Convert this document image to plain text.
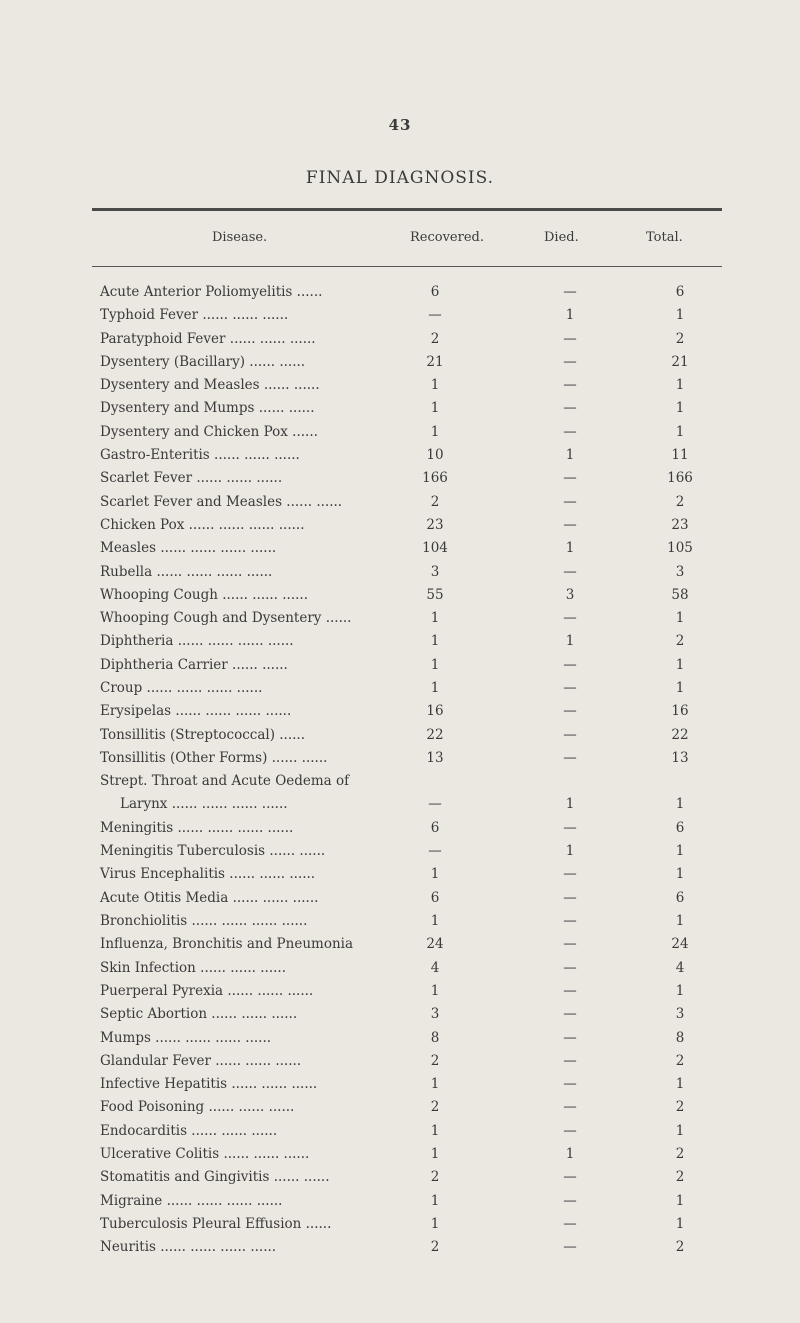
43
FINAL DIAGNOSIS.
Disease.	Recovered.	Died.	Total.
Acute Anterior Poliomyelitis ......	6	—	6
Typhoid Fever ...... ...... ......	—	1	1
Paratyphoid Fever ...... ...... ......	2	—	2
Dysentery (Bacillary) ...... ......	21	—	21
Dysentery and Measles ...... ......	1	—	1
Dysentery and Mumps ...... ......	1	—	1
Dysentery and Chicken Pox ......	1	—	1
Gastro-Enteritis ...... ...... ......	10	1	11
Scarlet Fever ...... ...... ......	166	—	166
Scarlet Fever and Measles ...... ......	2	—	2
Chicken Pox ...... ...... ...... ......	23	—	23
Measles ...... ...... ...... ......	104	1	105
Rubella ...... ...... ...... ......	3	—	3
Whooping Cough ...... ...... ......	55	3	58
Whooping Cough and Dysentery ......	1	—	1
Diphtheria ...... ...... ...... ......	1	1	2
Diphtheria Carrier ...... ......	1	—	1
Croup ...... ...... ...... ......	1	—	1
Erysipelas ...... ...... ...... ......	16	—	16
Tonsillitis (Streptococcal) ......	22	—	22
Tonsillitis (Other Forms) ...... ......	13	—	13
Strept. Throat and Acute Oedema of
Larynx ...... ...... ...... ......	—	1	1
Meningitis ...... ...... ...... ......	6	—	6
Meningitis Tuberculosis ...... ......	—	1	1
Virus Encephalitis ...... ...... ......	1	—	1
Acute Otitis Media ...... ...... ......	6	—	6
Bronchiolitis ...... ...... ...... ......	1	—	1
Influenza, Bronchitis and Pneumonia	24	—	24
Skin Infection ...... ...... ......	4	—	4
Puerperal Pyrexia ...... ...... ......	1	—	1
Septic Abortion ...... ...... ......	3	—	3
Mumps ...... ...... ...... ......	8	—	8
Glandular Fever ...... ...... ......	2	—	2
Infective Hepatitis ...... ...... ......	1	—	1
Food Poisoning ...... ...... ......	2	—	2
Endocarditis ...... ...... ......	1	—	1
Ulcerative Colitis ...... ...... ......	1	1	2
Stomatitis and Gingivitis ...... ......	2	—	2
Migraine ...... ...... ...... ......	1	—	1
Tuberculosis Pleural Effusion ......	1	—	1
Neuritis ...... ...... ...... ......	2	—	2
